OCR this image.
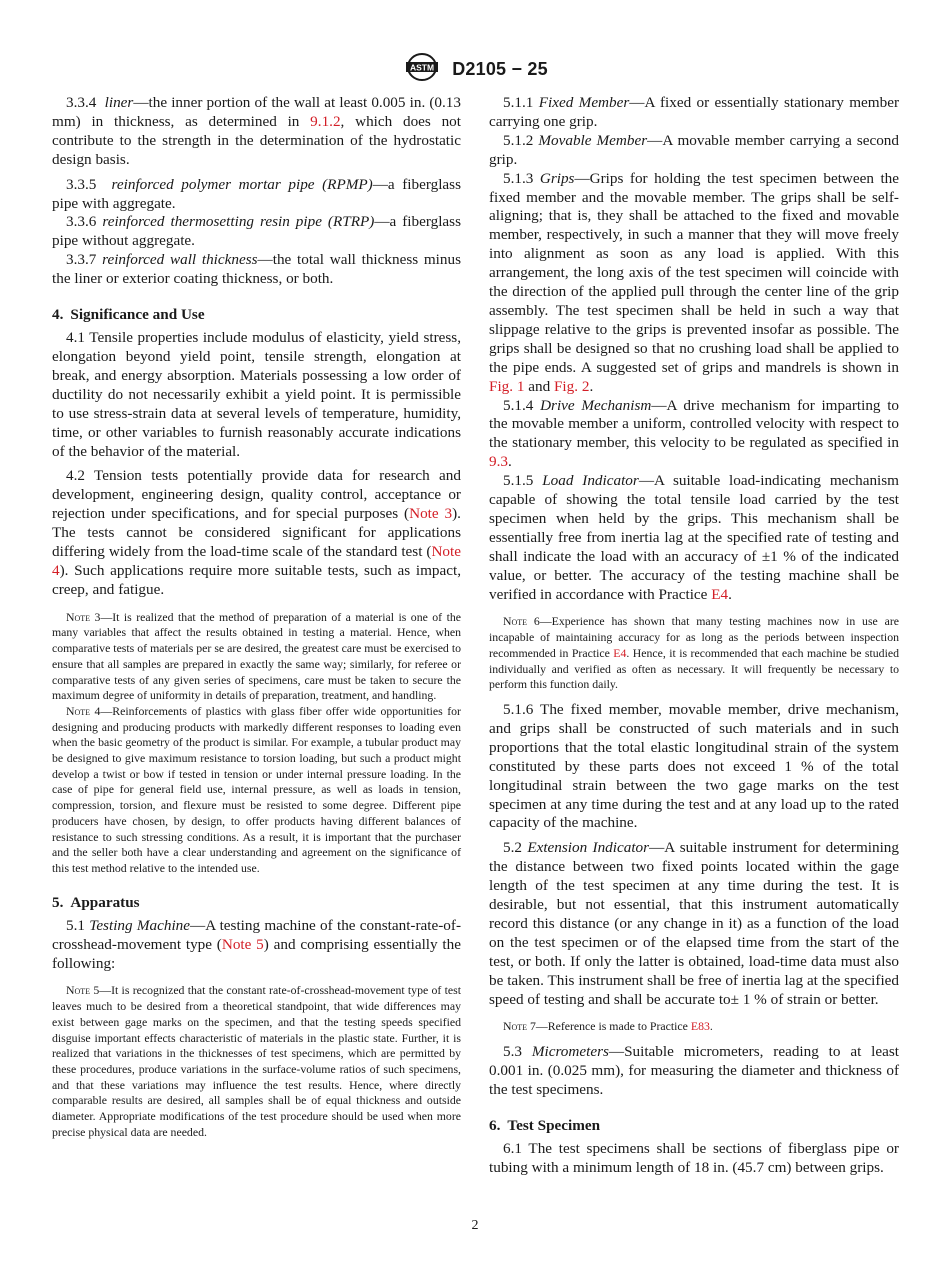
ASTM D2105 − 25

3.3.4 liner—the inner portion of the wall at least 0.005 in. (0.13 mm) in thickness, as determined in 9.1.2, which does not contribute to the strength in the determination of the hydrostatic design basis.

3.3.5 reinforced polymer mortar pipe (RPMP)—a fiberglass pipe with aggregate.

3.3.6 reinforced thermosetting resin pipe (RTRP)—a fiberglass pipe without aggregate.

3.3.7 reinforced wall thickness—the total wall thickness minus the liner or exterior coating thickness, or both.

4. Significance and Use

4.1 Tensile properties include modulus of elasticity, yield stress, elongation beyond yield point, tensile strength, elongation at break, and energy absorption. Materials possessing a low order of ductility do not necessarily exhibit a yield point. It is permissible to use stress-strain data at several levels of temperature, humidity, time, or other variables to furnish reasonably accurate indications of the behavior of the material.

4.2 Tension tests potentially provide data for research and development, engineering design, quality control, acceptance or rejection under specifications, and for special purposes (Note 3). The tests cannot be considered significant for applications differing widely from the load-time scale of the standard test (Note 4). Such applications require more suitable tests, such as impact, creep, and fatigue.

Note 3—It is realized that the method of preparation of a material is one of the many variables that affect the results obtained in testing a material. Hence, when comparative tests of materials per se are desired, the greatest care must be exercised to ensure that all samples are prepared in exactly the same way; similarly, for referee or comparative tests of any given series of specimens, care must be taken to secure the maximum degree of uniformity in details of preparation, treatment, and handling.

Note 4—Reinforcements of plastics with glass fiber offer wide opportunities for designing and producing products with markedly different responses to loading even when the basic geometry of the product is similar. For example, a tubular product may be designed to give maximum resistance to torsion loading, but such a product might develop a twist or bow if tested in tension or under internal pressure loading. In the case of pipe for general field use, internal pressure, as well as loads in tension, compression, torsion, and flexure must be resisted to some degree. Different pipe producers have chosen, by design, to offer products having different balances of resistance to such stressing conditions. As a result, it is important that the purchaser and the seller both have a clear understanding and agreement on the significance of this test method relative to the intended use.

5. Apparatus

5.1 Testing Machine—A testing machine of the constant-rate-of-crosshead-movement type (Note 5) and comprising essentially the following:

Note 5—It is recognized that the constant rate-of-crosshead-movement type of test leaves much to be desired from a theoretical standpoint, that wide differences may exist between gage marks on the specimen, and that the testing speeds specified disguise important effects characteristic of materials in the plastic state. Further, it is realized that variations in the thicknesses of test specimens, which are permitted by these procedures, produce variations in the surface-volume ratios of such specimens, and that these variations may influence the test results. Hence, where directly comparable results are desired, all samples shall be of equal thickness and outside diameter. Appropriate modifications of the test procedure should be used when more precise physical data are needed.

5.1.1 Fixed Member—A fixed or essentially stationary member carrying one grip.

5.1.2 Movable Member—A movable member carrying a second grip.

5.1.3 Grips—Grips for holding the test specimen between the fixed member and the movable member. The grips shall be self-aligning; that is, they shall be attached to the fixed and movable member, respectively, in such a manner that they will move freely into alignment as soon as any load is applied. With this arrangement, the long axis of the test specimen will coincide with the direction of the applied pull through the center line of the grip assembly. The test specimen shall be held in such a way that slippage relative to the grips is prevented insofar as possible. The grips shall be designed so that no crushing load shall be applied to the pipe ends. A suggested set of grips and mandrels is shown in Fig. 1 and Fig. 2.

5.1.4 Drive Mechanism—A drive mechanism for imparting to the movable member a uniform, controlled velocity with respect to the stationary member, this velocity to be regulated as specified in 9.3.

5.1.5 Load Indicator—A suitable load-indicating mechanism capable of showing the total tensile load carried by the test specimen when held by the grips. This mechanism shall be essentially free from inertia lag at the specified rate of testing and shall indicate the load with an accuracy of ±1 % of the indicated value, or better. The accuracy of the testing machine shall be verified in accordance with Practice E4.

Note 6—Experience has shown that many testing machines now in use are incapable of maintaining accuracy for as long as the periods between inspection recommended in Practice E4. Hence, it is recommended that each machine be studied individually and verified as often as necessary. It will frequently be necessary to perform this function daily.

5.1.6 The fixed member, movable member, drive mechanism, and grips shall be constructed of such materials and in such proportions that the total elastic longitudinal strain of the system constituted by these parts does not exceed 1 % of the total longitudinal strain between the two gage marks on the test specimen at any time during the test and at any load up to the rated capacity of the machine.

5.2 Extension Indicator—A suitable instrument for determining the distance between two fixed points located within the gage length of the test specimen at any time during the test. It is desirable, but not essential, that this instrument automatically record this distance (or any change in it) as a function of the load on the test specimen or of the elapsed time from the start of the test, or both. If only the latter is obtained, load-time data must also be taken. This instrument shall be free of inertia lag at the specified speed of testing and shall be accurate to± 1 % of strain or better.

Note 7—Reference is made to Practice E83.

5.3 Micrometers—Suitable micrometers, reading to at least 0.001 in. (0.025 mm), for measuring the diameter and thickness of the test specimens.

6. Test Specimen

6.1 The test specimens shall be sections of fiberglass pipe or tubing with a minimum length of 18 in. (45.7 cm) between grips.

2
